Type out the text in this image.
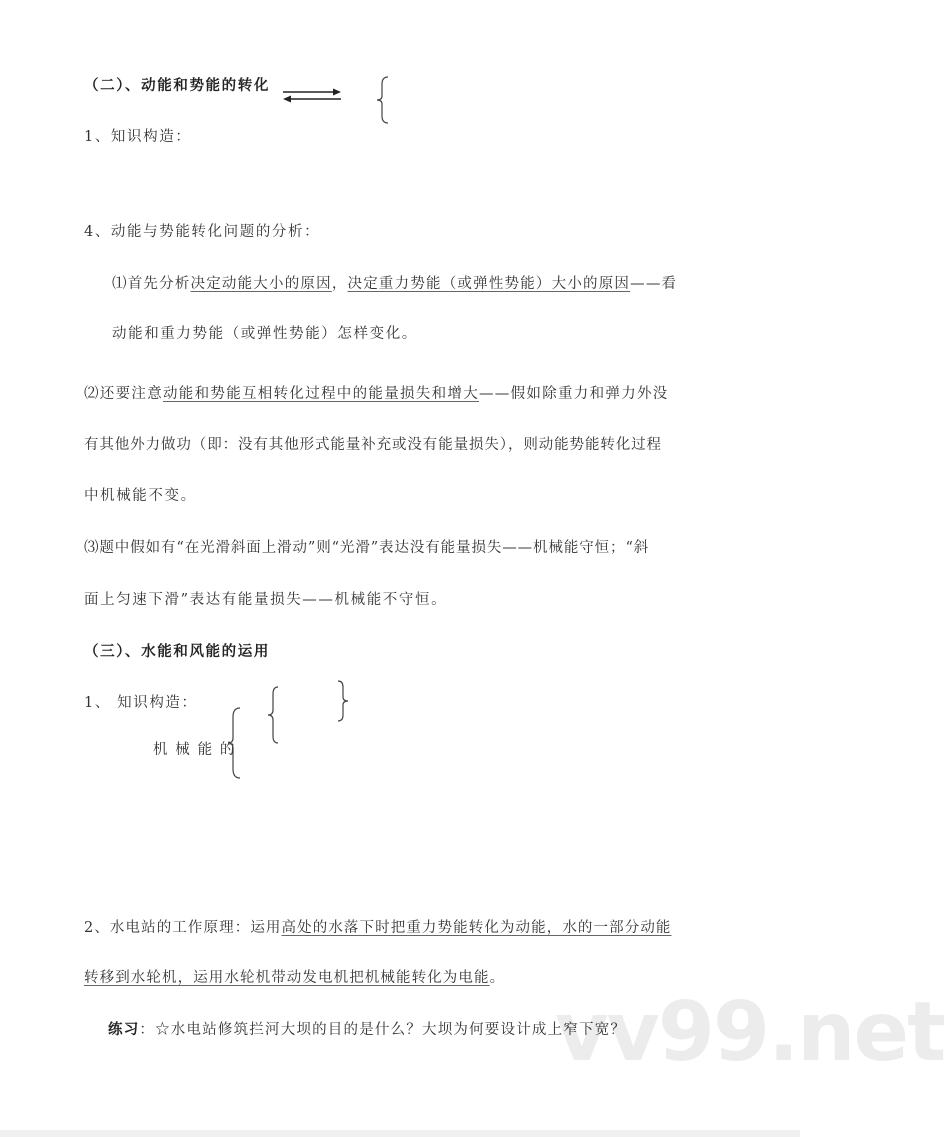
（二）、动能和势能的转化
1、知识构造：
4、动能与势能转化问题的分析：
⑴首先分析决定动能大小的原因，决定重力势能（或弹性势能）大小的原因——看
动能和重力势能（或弹性势能）怎样变化。
⑵还要注意动能和势能互相转化过程中的能量损失和增大——假如除重力和弹力外没
有其他外力做功（即：没有其他形式能量补充或没有能量损失），则动能势能转化过程
中机械能不变。
⑶题中假如有“在光滑斜面上滑动”则“光滑”表达没有能量损失——机械能守恒；“斜
面上匀速下滑”表达有能量损失——机械能不守恒。
（三）、水能和风能的运用
1、 知识构造：
机 械 能 的
2、水电站的工作原理：运用高处的水落下时把重力势能转化为动能，水的一部分动能
转移到水轮机，运用水轮机带动发电机把机械能转化为电能。
练习：☆水电站修筑拦河大坝的目的是什么？大坝为何要设计成上窄下宽？
vv99.net
